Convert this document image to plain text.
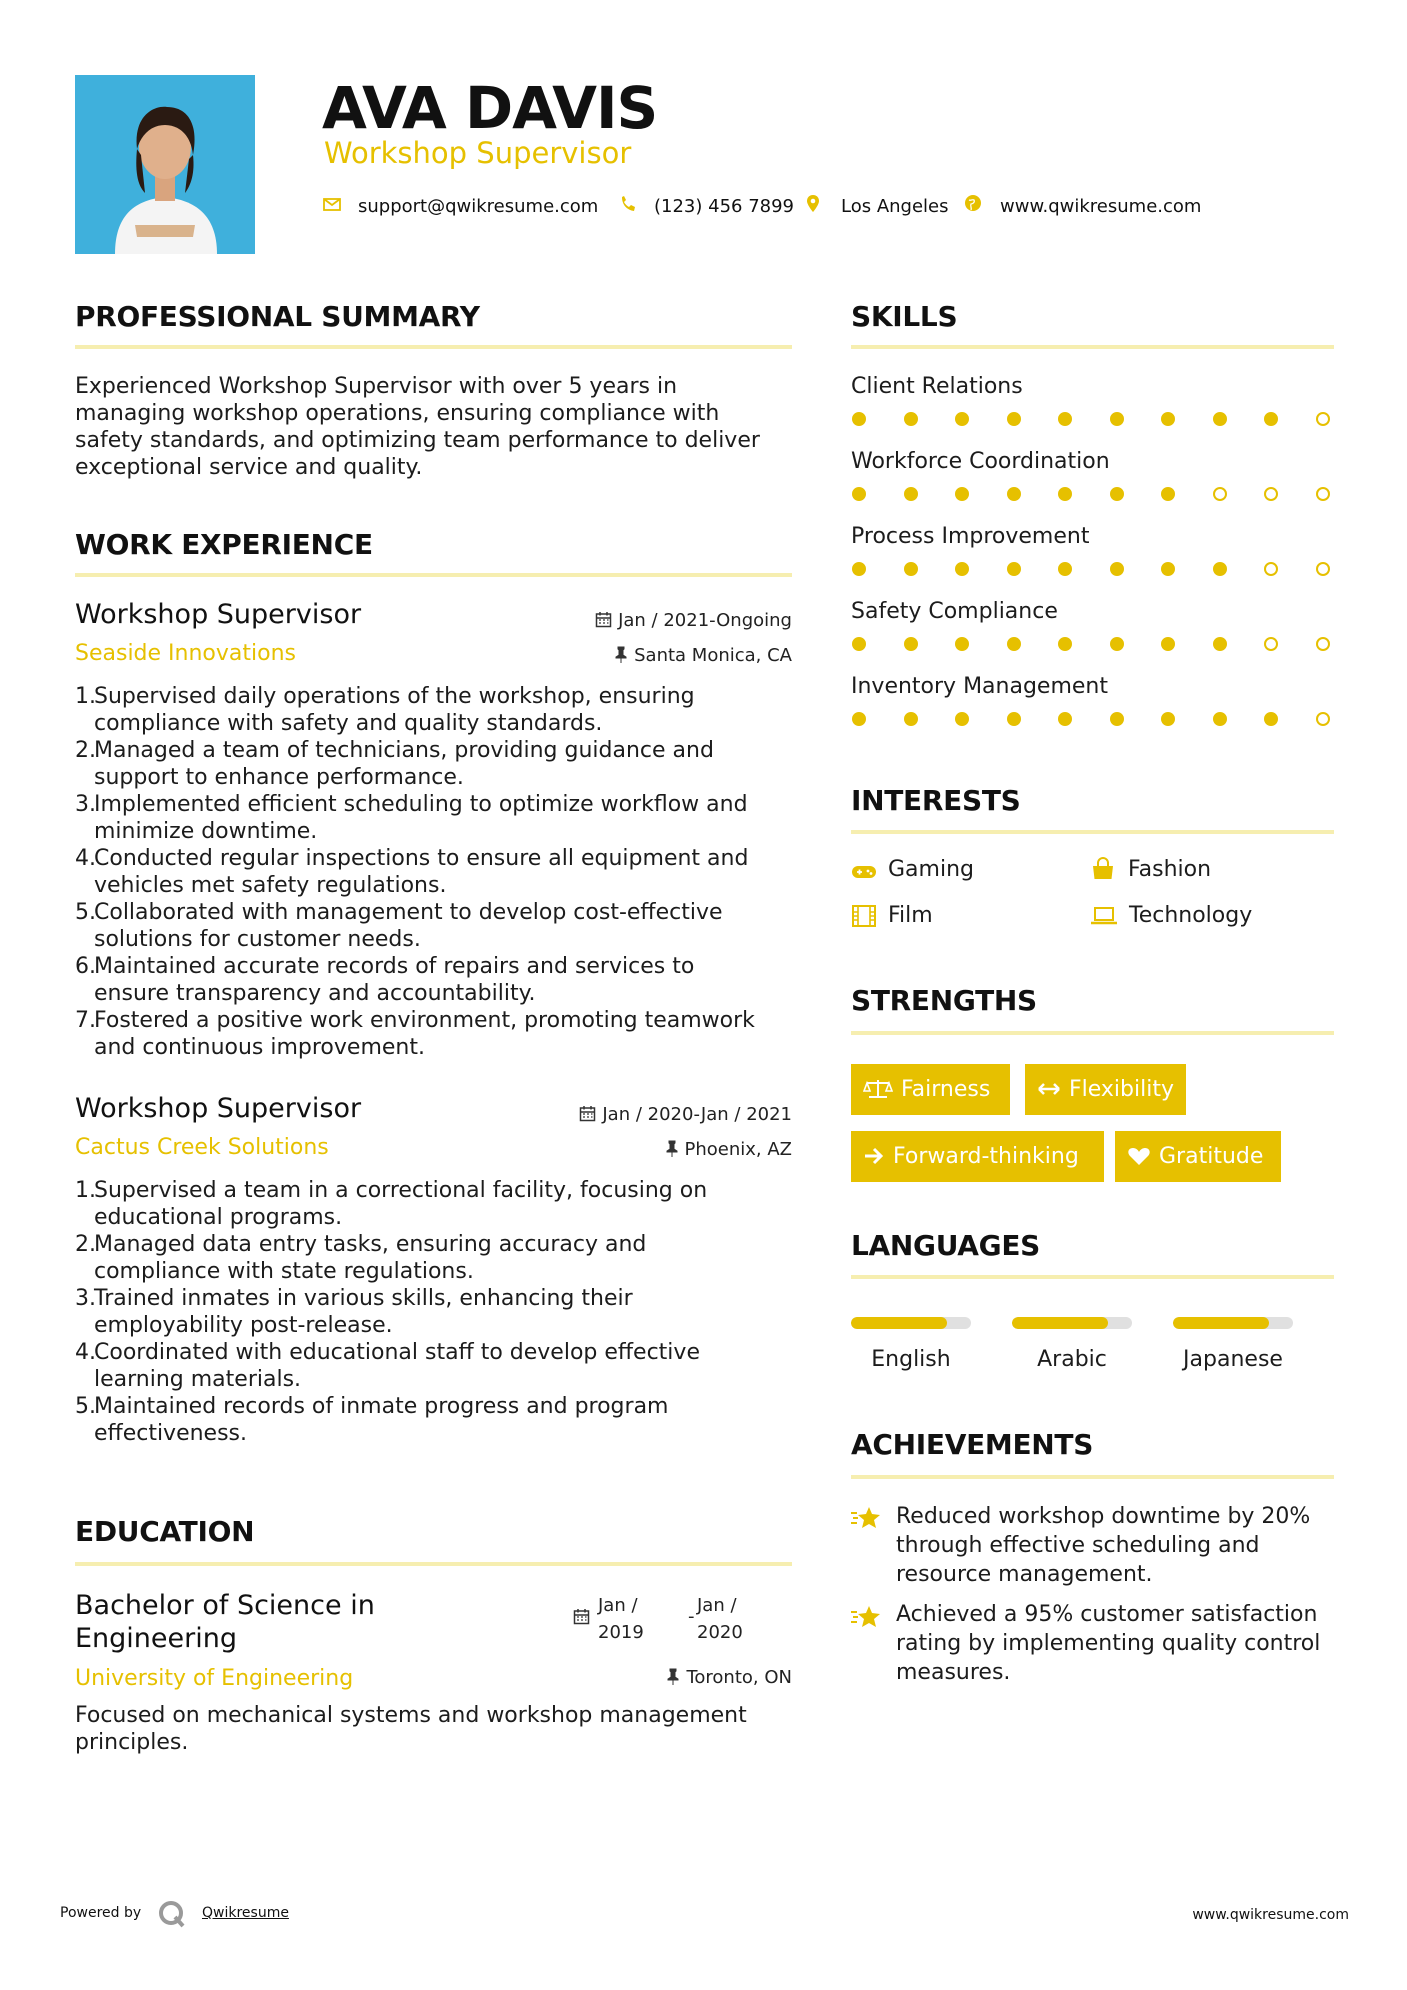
AVA DAVIS
Workshop Supervisor
support@qwikresume.com	(123) 456 7899	Los Angeles	www.qwikresume.com
PROFESSIONAL SUMMARY
Experienced Workshop Supervisor with over 5 years in
managing workshop operations, ensuring compliance with
safety standards, and optimizing team performance to deliver
exceptional service and quality.
WORK EXPERIENCE
Workshop Supervisor	Jan / 2021-Ongoing
Seaside Innovations	Santa Monica, CA
1.
Supervised daily operations of the workshop, ensuring
compliance with safety and quality standards.
2.
Managed a team of technicians, providing guidance and
support to enhance performance.
3.
Implemented efficient scheduling to optimize workflow and
minimize downtime.
4.
Conducted regular inspections to ensure all equipment and
vehicles met safety regulations.
5.
Collaborated with management to develop cost-effective
solutions for customer needs.
6.
Maintained accurate records of repairs and services to
ensure transparency and accountability.
7.
Fostered a positive work environment, promoting teamwork
and continuous improvement.
Workshop Supervisor	Jan / 2020-Jan / 2021
Cactus Creek Solutions	Phoenix, AZ
1.
Supervised a team in a correctional facility, focusing on
educational programs.
2.
Managed data entry tasks, ensuring accuracy and
compliance with state regulations.
3.
Trained inmates in various skills, enhancing their
employability post-release.
4.
Coordinated with educational staff to develop effective
learning materials.
5.
Maintained records of inmate progress and program
effectiveness.
EDUCATION
Bachelor of Science in
Engineering
Jan /
2019
-
Jan /
2020
University of Engineering	Toronto, ON
Focused on mechanical systems and workshop management
principles.
SKILLS
Client Relations
Workforce Coordination
Process Improvement
Safety Compliance
Inventory Management
INTERESTS
Gaming	Fashion
Film	Technology
STRENGTHS
Fairness	Flexibility
Forward-thinking	Gratitude
LANGUAGES
English	Arabic	Japanese
ACHIEVEMENTS
Reduced workshop downtime by 20%
through effective scheduling and
resource management.
Achieved a 95% customer satisfaction
rating by implementing quality control
measures.
Powered by	Qwikresume	www.qwikresume.com
